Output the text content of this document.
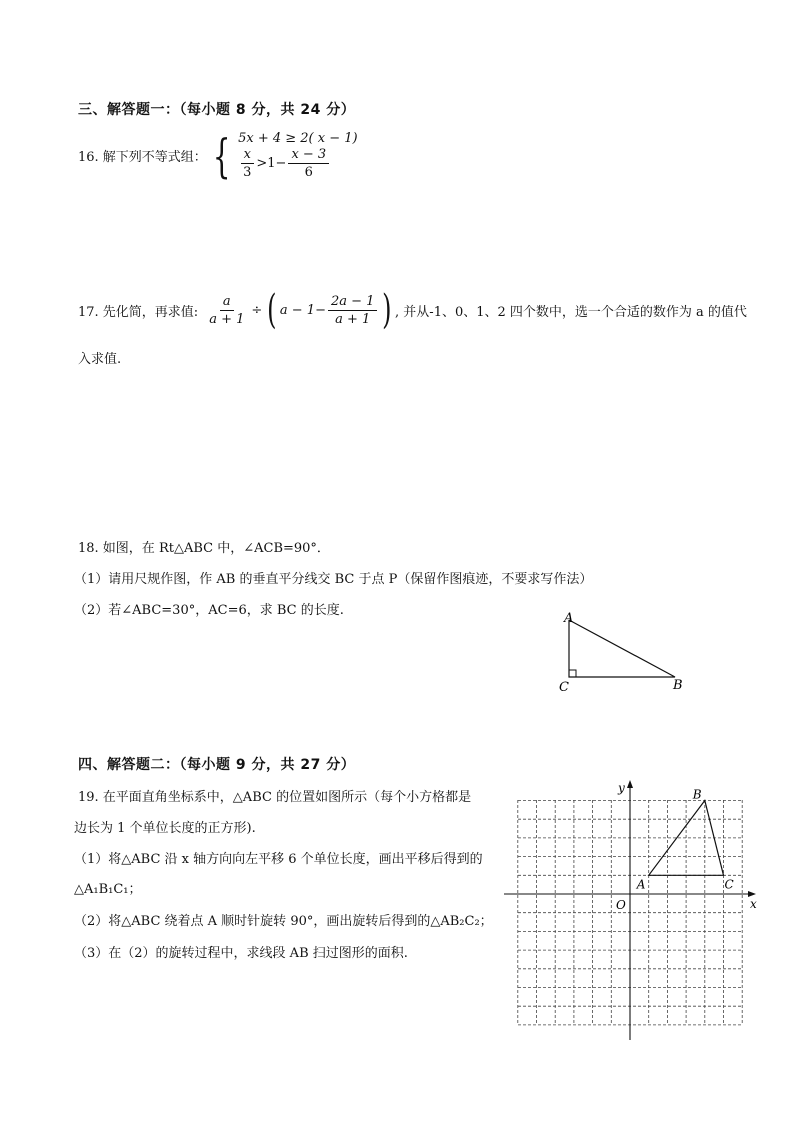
三、解答题一：（每小题 8 分，共 24 分）
16. 解下列不等式组： { 5x + 4 ≥ 2( x − 1)
$\frac{x}{3} >1- \frac{x - 3}{6}$
17. 先化简，再求值: $\frac{a}{a + 1}$ ÷ ( $a - 1- \frac{2a - 1}{a + 1}$ ) , 并从-1、0、1、2 四个数中，选一个合适的数作为 a 的值代
入求值.
18. 如图，在 Rt△ABC 中，∠ACB=90°．
（1）请用尺规作图，作 AB 的垂直平分线交 BC 于点 P（保留作图痕迹，不要求写作法）
（2）若∠ABC=30°，AC=6，求 BC 的长度.
A
C	B
四、解答题二：（每小题 9 分，共 27 分）
19. 在平面直角坐标系中，△ABC 的位置如图所示（每个小方格都是
边长为 1 个单位长度的正方形).
（1）将△ABC 沿 x 轴方向向左平移 6 个单位长度，画出平移后得到的
△A₁B₁C₁；
（2）将△ABC 绕着点 A 顺时针旋转 90°，画出旋转后得到的△AB₂C₂；
（3）在（2）的旋转过程中，求线段 AB 扫过图形的面积.
x
y
O
A
B
C
